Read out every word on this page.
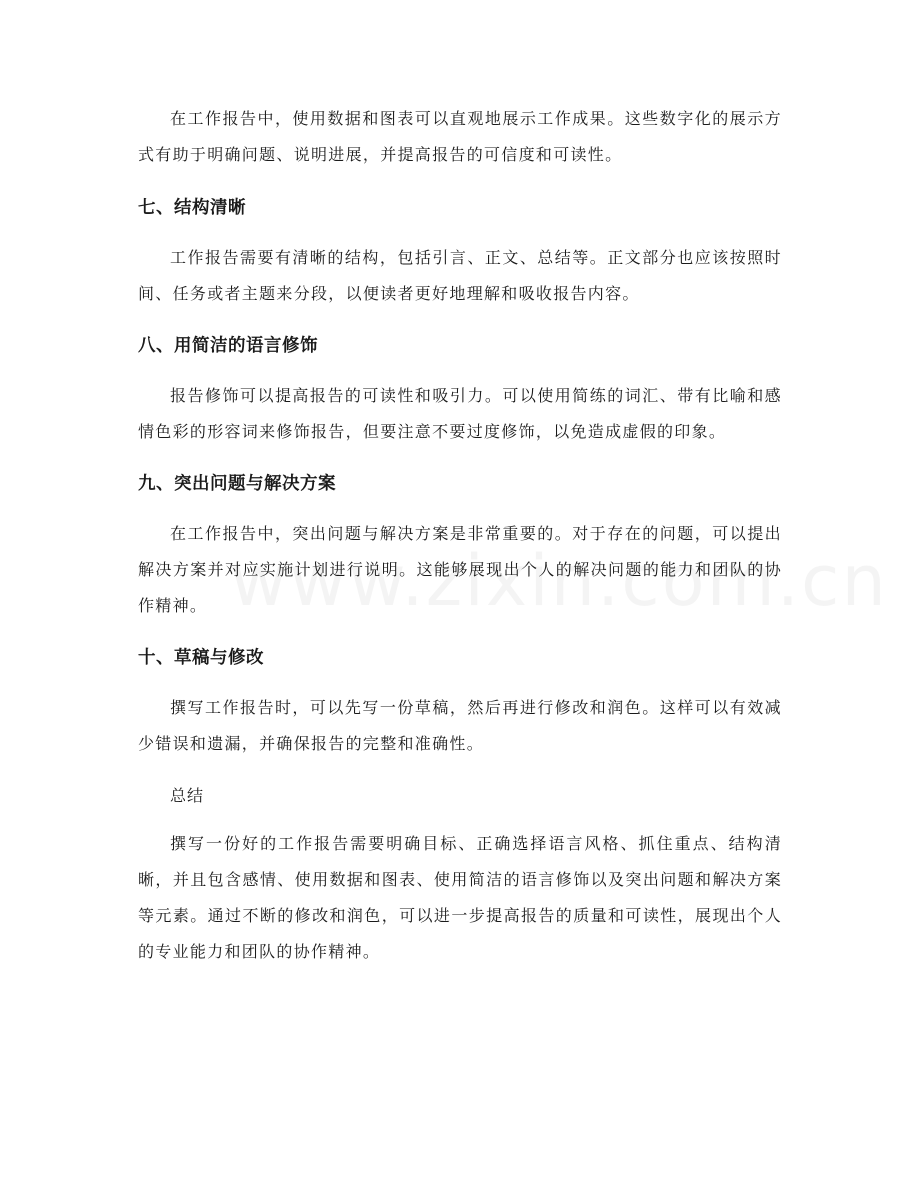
在工作报告中，使用数据和图表可以直观地展示工作成果。这些数字化的展示方式有助于明确问题、说明进展，并提高报告的可信度和可读性。

七、结构清晰

工作报告需要有清晰的结构，包括引言、正文、总结等。正文部分也应该按照时间、任务或者主题来分段，以便读者更好地理解和吸收报告内容。

八、用简洁的语言修饰

报告修饰可以提高报告的可读性和吸引力。可以使用简练的词汇、带有比喻和感情色彩的形容词来修饰报告，但要注意不要过度修饰，以免造成虚假的印象。

九、突出问题与解决方案

在工作报告中，突出问题与解决方案是非常重要的。对于存在的问题，可以提出解决方案并对应实施计划进行说明。这能够展现出个人的解决问题的能力和团队的协作精神。

十、草稿与修改

撰写工作报告时，可以先写一份草稿，然后再进行修改和润色。这样可以有效减少错误和遗漏，并确保报告的完整和准确性。

总结

撰写一份好的工作报告需要明确目标、正确选择语言风格、抓住重点、结构清晰，并且包含感情、使用数据和图表、使用简洁的语言修饰以及突出问题和解决方案等元素。通过不断的修改和润色，可以进一步提高报告的质量和可读性，展现出个人的专业能力和团队的协作精神。
